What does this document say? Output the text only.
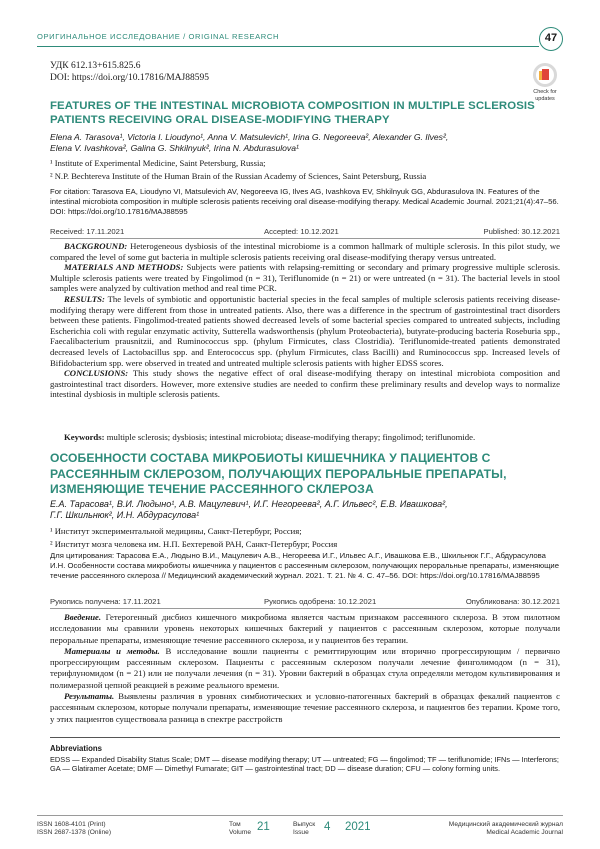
ОРИГИНАЛЬНОЕ ИССЛЕДОВАНИЕ / ORIGINAL RESEARCH	47
УДК 612.13+615.825.6
DOI: https://doi.org/10.17816/MAJ88595
Check for
updates
FEATURES OF THE INTESTINAL MICROBIOTA COMPOSITION IN MULTIPLE SCLEROSIS PATIENTS RECEIVING ORAL DISEASE-MODIFYING THERAPY
Elena A. Tarasova¹, Victoria I. Lioudyno¹, Anna V. Matsulevich¹, Irina G. Negoreeva², Alexander G. Ilves²,
Elena V. Ivashkova², Galina G. Shkilnyuk², Irina N. Abdurasulova¹
¹ Institute of Experimental Medicine, Saint Petersburg, Russia;
² N.P. Bechtereva Institute of the Human Brain of the Russian Academy of Sciences, Saint Petersburg, Russia
For citation: Tarasova EA, Lioudyno VI, Matsulevich AV, Negoreeva IG, Ilves AG, Ivashkova EV, Shkilnyuk GG, Abdurasulova IN. Features of the intestinal microbiota composition in multiple sclerosis patients receiving oral disease-modifying therapy. Medical Academic Journal. 2021;21(4):47–56. DOI: https://doi.org/10.17816/MAJ88595
Received: 17.11.2021	Accepted: 10.12.2021	Published: 30.12.2021

BACKGROUND: Heterogeneous dysbiosis of the intestinal microbiome is a common hallmark of multiple sclerosis. In this pilot study, we compared the level of some gut bacteria in multiple sclerosis patients receiving oral disease-modifying therapy versus untreated.

MATERIALS AND METHODS: Subjects were patients with relapsing-remitting or secondary and primary progressive multiple sclerosis. Multiple sclerosis patients were treated by Fingolimod (n = 31), Teriflunomide (n = 21) or were untreated (n = 31). The bacterial levels in stool samples were analyzed by cultivation method and real time PCR.

RESULTS: The levels of symbiotic and opportunistic bacterial species in the fecal samples of multiple sclerosis patients receiving disease-modifying therapy were different from those in untreated patients. Also, there was a difference in the spectrum of gastrointestinal tract disorders between these patients. Fingolimod-treated patients showed decreased levels of some bacterial species compared to untreated subjects, including Escherichia coli with regular enzymatic activity, Sutterella wadsworthensis (phylum Proteobacteria), butyrate-producing bacteria Roseburia spp., Faecalibacterium prausnitzii, and Ruminococcus spp. (phylum Firmicutes, class Clostridia). Teriflunomide-treated patients demonstrated decreased levels of Lactobacillus spp. and Enterococcus spp. (phylum Firmicutes, class Bacilli) and Ruminococcus spp. Increased levels of Bifidobacterium spp. were observed in treated and untreated multiple sclerosis patients with higher EDSS scores.

CONCLUSIONS: This study shows the negative effect of oral disease-modifying therapy on intestinal microbiota composition and gastrointestinal tract disorders. However, more extensive studies are needed to confirm these preliminary results and develop ways to normalize intestinal dysbiosis in multiple sclerosis patients.

Keywords: multiple sclerosis; dysbiosis; intestinal microbiota; disease-modifying therapy; fingolimod; teriflunomide.
ОСОБЕННОСТИ СОСТАВА МИКРОБИОТЫ КИШЕЧНИКА У ПАЦИЕНТОВ С РАССЕЯННЫМ СКЛЕРОЗОМ, ПОЛУЧАЮЩИХ ПЕРОРАЛЬНЫЕ ПРЕПАРАТЫ, ИЗМЕНЯЮЩИЕ ТЕЧЕНИЕ РАССЕЯННОГО СКЛЕРОЗА
Е.А. Тарасова¹, В.И. Людыно¹, А.В. Мацулевич¹, И.Г. Негореева², А.Г. Ильвес², Е.В. Ивашкова²,
Г.Г. Шкильнюк², И.Н. Абдурасулова¹
¹ Институт экспериментальной медицины, Санкт-Петербург, Россия;
² Институт мозга человека им. Н.П. Бехтеревой РАН, Санкт-Петербург, Россия
Для цитирования: Тарасова Е.А., Людыно В.И., Мацулевич А.В., Негореева И.Г., Ильвес А.Г., Ивашкова Е.В., Шкильнюк Г.Г., Абдурасулова И.Н. Особенности состава микробиоты кишечника у пациентов с рассеянным склерозом, получающих пероральные препараты, изменяющие течение рассеянного склероза // Медицинский академический журнал. 2021. Т. 21. № 4. С. 47–56. DOI: https://doi.org/10.17816/MAJ88595
Рукопись получена: 17.11.2021	Рукопись одобрена: 10.12.2021	Опубликована: 30.12.2021

Введение. Гетерогенный дисбиоз кишечного микробиома является частым признаком рассеянного склероза. В этом пилотном исследовании мы сравнили уровень некоторых кишечных бактерий у пациентов с рассеянным склерозом, которые получали пероральные препараты, изменяющие течение рассеянного склероза, и у пациентов без терапии.

Материалы и методы. В исследование вошли пациенты с ремиттирующим или вторично прогрессирующим / первично прогрессирующим рассеянным склерозом. Пациенты с рассеянным склерозом получали лечение финголимодом (n = 31), терифлуномидом (n = 21) или не получали лечения (n = 31). Уровни бактерий в образцах стула определяли методом культивирования и полимеразной цепной реакцией в режиме реального времени.

Результаты. Выявлены различия в уровнях симбиотических и условно-патогенных бактерий в образцах фекалий пациентов с рассеянным склерозом, которые получали препараты, изменяющие течение рассеянного склероза, и пациентов без терапии. Кроме того, у этих пациентов существовала разница в спектре расстройств

Abbreviations
EDSS — Expanded Disability Status Scale; DMT — disease modifying therapy; UT — untreated; FG — fingolimod; TF — teriflunomide; IFNs — Interferons; GA — Glatiramer Acetate; DMF — Dimethyl Fumarate; GIT — gastrointestinal tract; DD — disease duration; CFU — colony forming units.
ISSN 1608-4101 (Print)
ISSN 2687-1378 (Online)
Том
Volume 21	Выпуск
Issue	4 2021	Медицинский академический журнал
Medical Academic Journal
